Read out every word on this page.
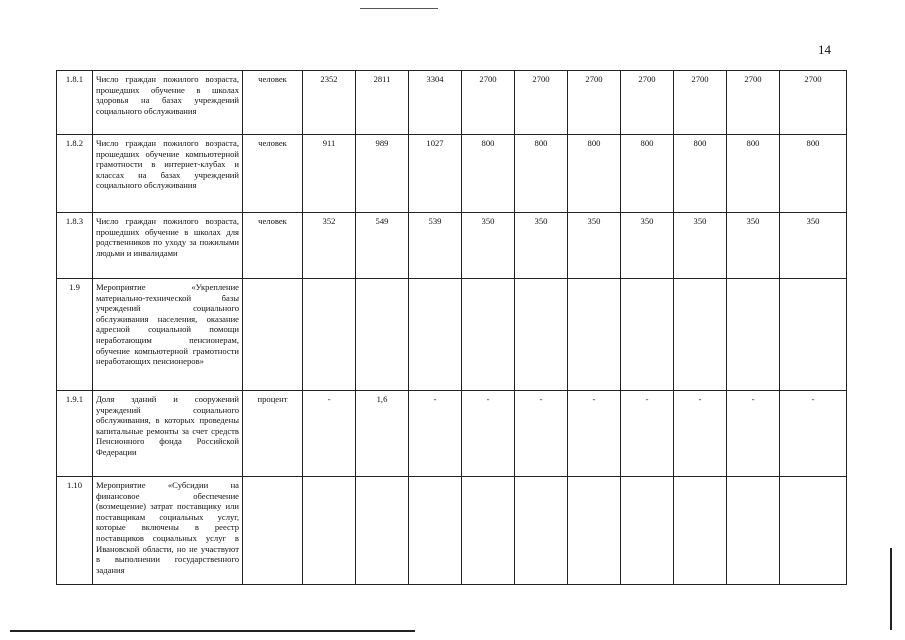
14
1.8.1	Число граждан пожилого возраста, прошедших обучение в школах здоровья на базах учреждений социального обслуживания	человек	2352	2811	3304	2700	2700	2700	2700	2700	2700	2700
1.8.2	Число граждан пожилого возраста, прошедших обучение компьютерной грамотности в интернет-клубах и классах на базах учреждений социального обслуживания	человек	911	989	1027	800	800	800	800	800	800	800
1.8.3	Число граждан пожилого возраста, прошедших обучение в школах для родственников по уходу за пожилыми людьми и инвалидами	человек	352	549	539	350	350	350	350	350	350	350
1.9	Мероприятие «Укрепление материально-технической базы учреждений социального обслуживания населения, оказание адресной социальной помощи неработающим пенсионерам, обучение компьютерной грамотности неработающих пенсионеров»											
1.9.1	Доля зданий и сооружений учреждений социального обслуживания, в которых проведены капитальные ремонты за счет средств Пенсионного фонда Российской Федерации	процент	-	1,6	-	-	-	-	-	-	-	-
1.10	Мероприятие «Субсидии на финансовое обеспечение (возмещение) затрат поставщику или поставщикам социальных услуг, которые включены в реестр поставщиков социальных услуг в Ивановской области, но не участвуют в выполнении государственного задания											
